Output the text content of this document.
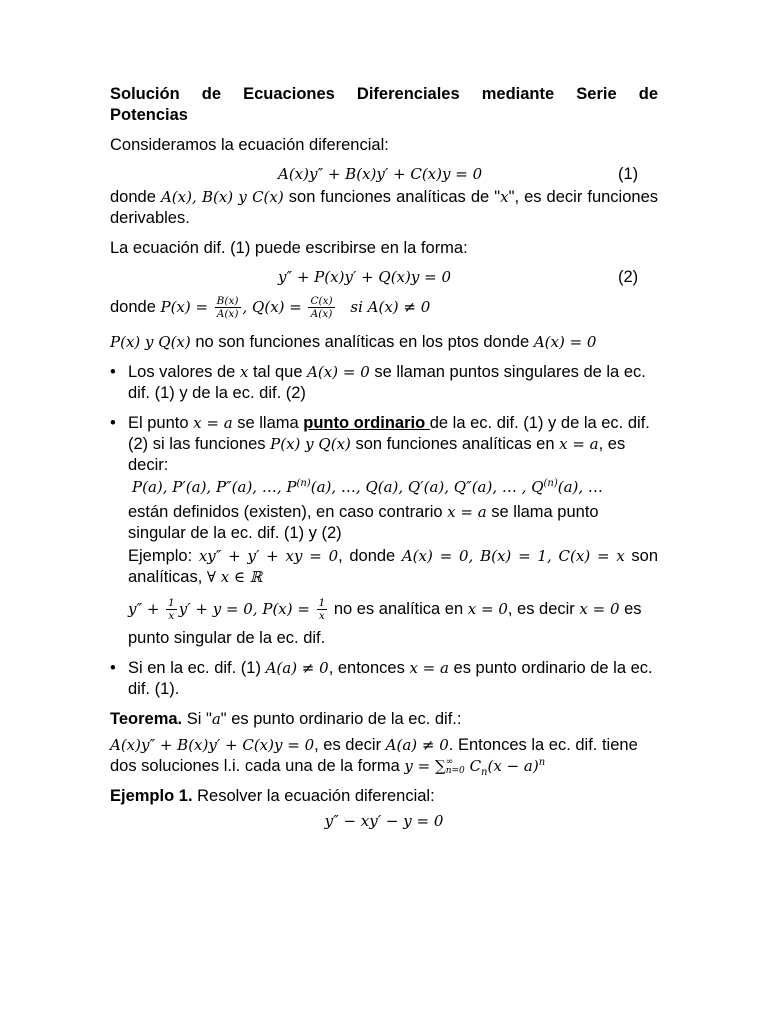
Solución de Ecuaciones Diferenciales mediante Serie de

Potencias

Consideramos la ecuación diferencial:

A(x)y″ + B(x)y′ + C(x)y = 0	(1)

donde A(x), B(x) y C(x) son funciones analíticas de "x", es decir funciones derivables.

La ecuación dif. (1) puede escribirse en la forma:

y″ + P(x)y′ + Q(x)y = 0	(2)

donde $P(x) = \frac{B(x)}{A(x)}$ , $Q(x) = \frac{C(x)}{A(x)}$ si A(x) ≠ 0

P(x) y Q(x) no son funciones analíticas en los ptos donde A(x) = 0

• Los valores de x tal que A(x) = 0 se llaman puntos singulares de la ec. dif. (1) y de la ec. dif. (2)
• El punto x = a se llama punto ordinario de la ec. dif. (1) y de la ec. dif. (2) si las funciones P(x) y Q(x) son funciones analíticas en x = a, es decir:
P(a), P′(a), P″(a), …, $P^{(n)}(a)$, …, Q(a), Q′(a), Q″(a), … , $Q^{(n)}(a)$, …

están definidos (existen), en caso contrario x = a se llama punto singular de la ec. dif. (1) y (2)

Ejemplo: xy″ + y′ + xy = 0, donde A(x) = 0, B(x) = 1, C(x) = x son analíticas, ∀ x ∈ ℝ

$y'' + \frac{1}{x} y' + y = 0$, $P(x) = \frac{1}{x}$ no es analítica en x = 0, es decir x = 0 es

punto singular de la ec. dif.

• Si en la ec. dif. (1) A(a) ≠ 0, entonces x = a es punto ordinario de la ec. dif. (1).

Teorema. Si "a" es punto ordinario de la ec. dif.:

A(x)y″ + B(x)y′ + C(x)y = 0, es decir A(a) ≠ 0. Entonces la ec. dif. tiene dos soluciones l.i. cada una de la forma y = ∑ ∞
n=0 $C_n(x - a)^n$

Ejemplo 1. Resolver la ecuación diferencial:

y″ − xy′ − y = 0
